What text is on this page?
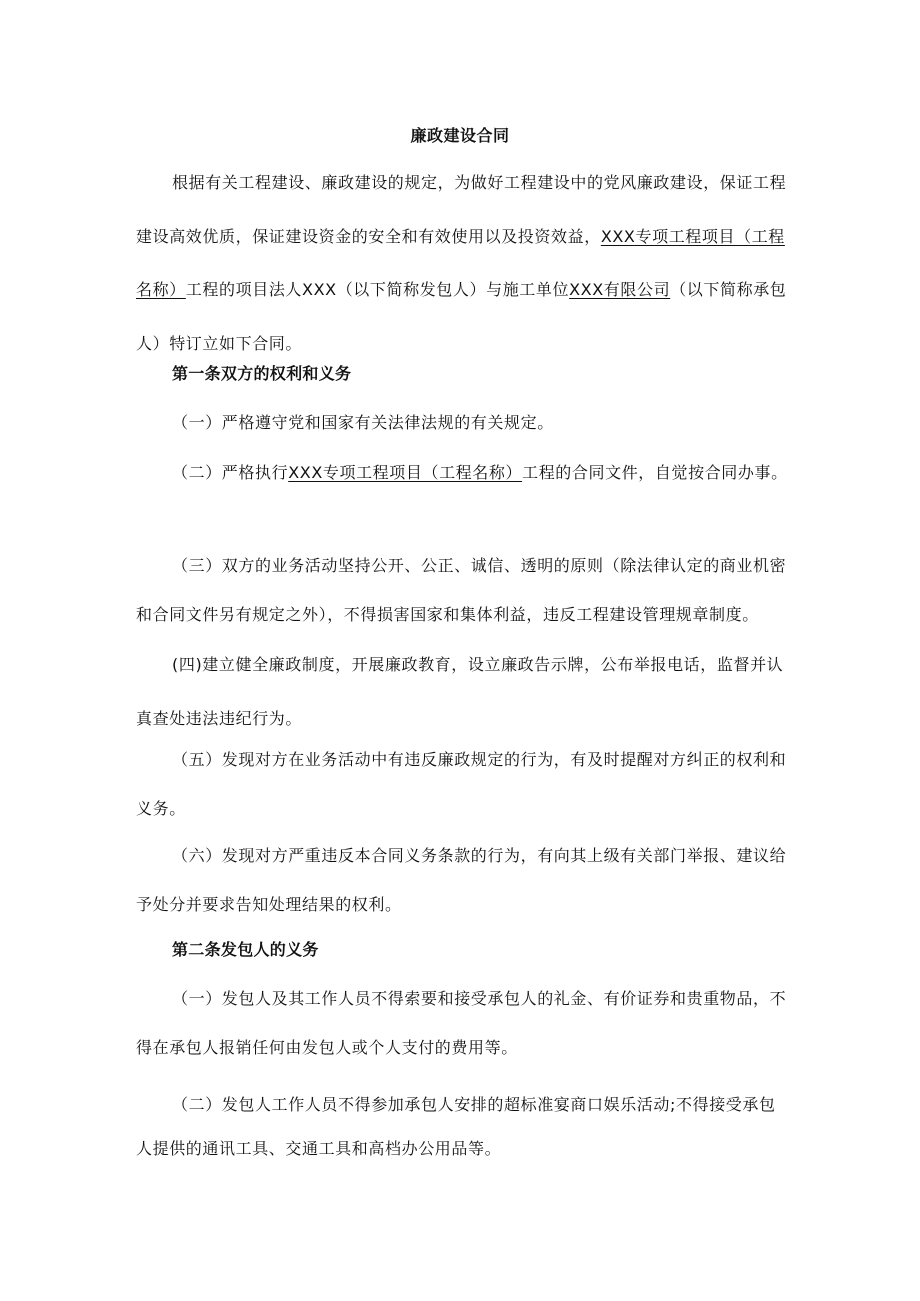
廉政建设合同
根据有关工程建设、廉政建设的规定，为做好工程建设中的党风廉政建设，保证工程建设高效优质，保证建设资金的安全和有效使用以及投资效益，XXX专项工程项目（工程名称）工程的项目法人XXX（以下简称发包人）与施工单位XXX有限公司（以下简称承包人）特订立如下合同。
第一条双方的权利和义务
（一）严格遵守党和国家有关法律法规的有关规定。
（二）严格执行XXX专项工程项目（工程名称）工程的合同文件，自觉按合同办事。
（三）双方的业务活动坚持公开、公正、诚信、透明的原则（除法律认定的商业机密和合同文件另有规定之外），不得损害国家和集体利益，违反工程建设管理规章制度。
(四)建立健全廉政制度，开展廉政教育，设立廉政告示牌，公布举报电话，监督并认真查处违法违纪行为。
（五）发现对方在业务活动中有违反廉政规定的行为，有及时提醒对方纠正的权利和义务。
（六）发现对方严重违反本合同义务条款的行为，有向其上级有关部门举报、建议给予处分并要求告知处理结果的权利。
第二条发包人的义务
（一）发包人及其工作人员不得索要和接受承包人的礼金、有价证券和贵重物品，不得在承包人报销任何由发包人或个人支付的费用等。
（二）发包人工作人员不得参加承包人安排的超标准宴商口娱乐活动;不得接受承包人提供的通讯工具、交通工具和高档办公用品等。
